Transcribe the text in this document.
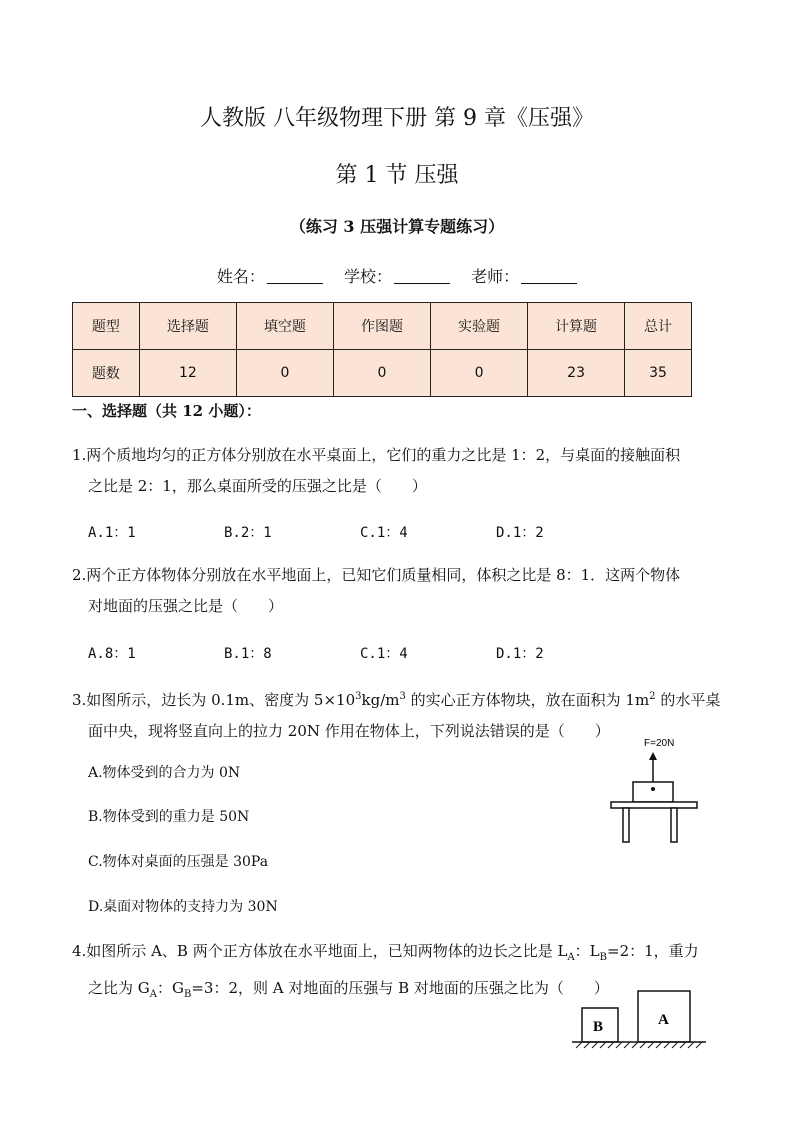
人教版 八年级物理下册 第 9 章《压强》
第 1 节 压强
（练习 3 压强计算专题练习）
姓名：	学校：	老师：
题型	选择题	填空题	作图题	实验题	计算题	总计
题数	12	0	0	0	23	35
一、选择题（共 12 小题）：
1.两个质地均匀的正方体分别放在水平桌面上，它们的重力之比是 1：2，与桌面的接触面积
之比是 2：1，那么桌面所受的压强之比是（　　）
A.1：1	B.2：1	C.1：4	D.1：2
2.两个正方体物体分别放在水平地面上，已知它们质量相同，体积之比是 8：1．这两个物体
对地面的压强之比是（　　）
A.8：1	B.1：8	C.1：4	D.1：2
3.如图所示，边长为 0.1m、密度为 $5\times 10^3kg/m^3$ 的实心正方体物块，放在面积为 $1m^2$ 的水平桌
面中央，现将竖直向上的拉力 20N 作用在物体上，下列说法错误的是（　　）
A.物体受到的合力为 0N
B.物体受到的重力是 50N
C.物体对桌面的压强是 30Pa
D.桌面对物体的支持力为 30N
F=20N
4.如图所示 A、B 两个正方体放在水平地面上，已知两物体的边长之比是 $L_A$：$L_B=2$：1，重力
之比为 $G_A$：$G_B=3$：2，则 A 对地面的压强与 B 对地面的压强之比为（　　）
B	A
